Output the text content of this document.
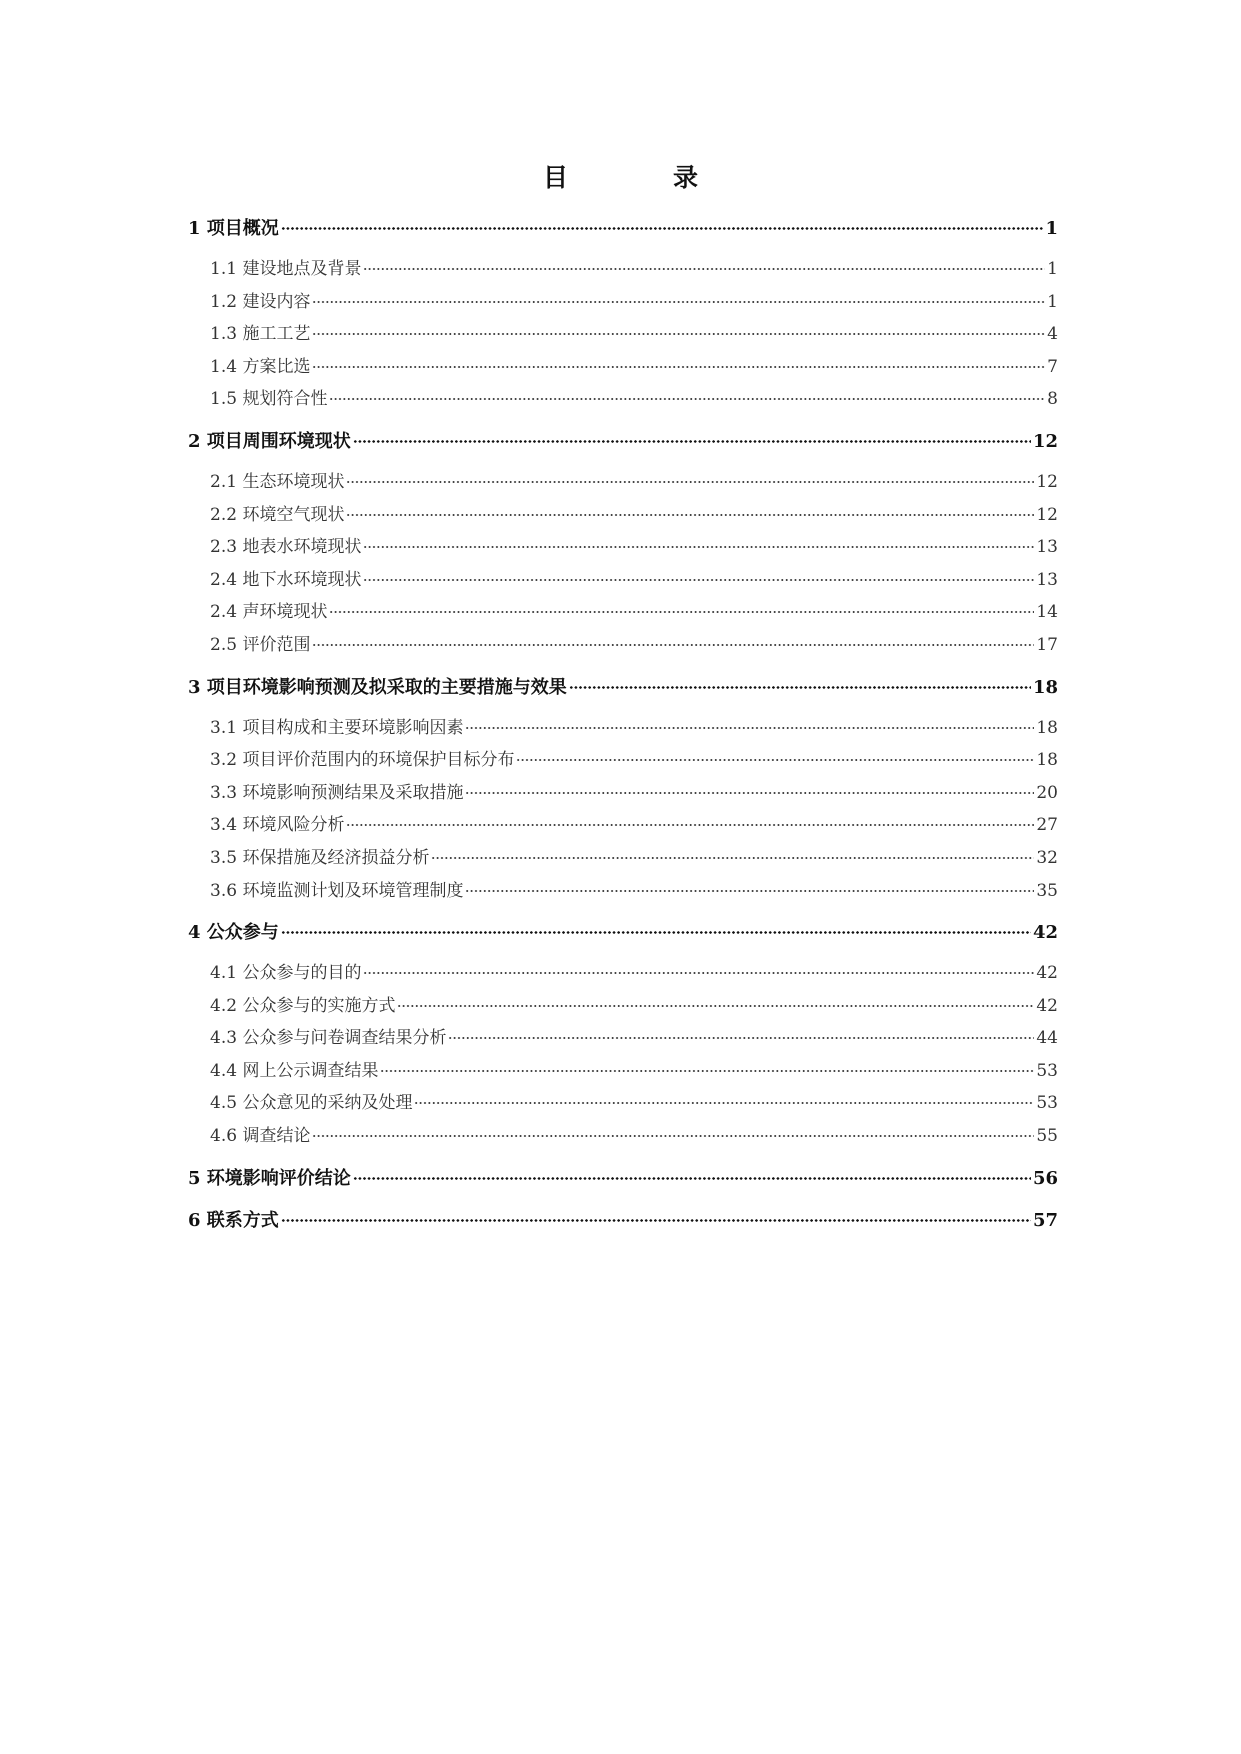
目　录
1 项目概况	1
1.1 建设地点及背景	1
1.2 建设内容	1
1.3 施工工艺	4
1.4 方案比选	7
1.5 规划符合性	8
2 项目周围环境现状	12
2.1 生态环境现状	12
2.2 环境空气现状	12
2.3 地表水环境现状	13
2.4 地下水环境现状	13
2.4 声环境现状	14
2.5 评价范围	17
3 项目环境影响预测及拟采取的主要措施与效果	18
3.1 项目构成和主要环境影响因素	18
3.2 项目评价范围内的环境保护目标分布	18
3.3 环境影响预测结果及采取措施	20
3.4 环境风险分析	27
3.5 环保措施及经济损益分析	32
3.6 环境监测计划及环境管理制度	35
4 公众参与	42
4.1 公众参与的目的	42
4.2 公众参与的实施方式	42
4.3 公众参与问卷调查结果分析	44
4.4 网上公示调查结果	53
4.5 公众意见的采纳及处理	53
4.6 调查结论	55
5 环境影响评价结论	56
6 联系方式	57
